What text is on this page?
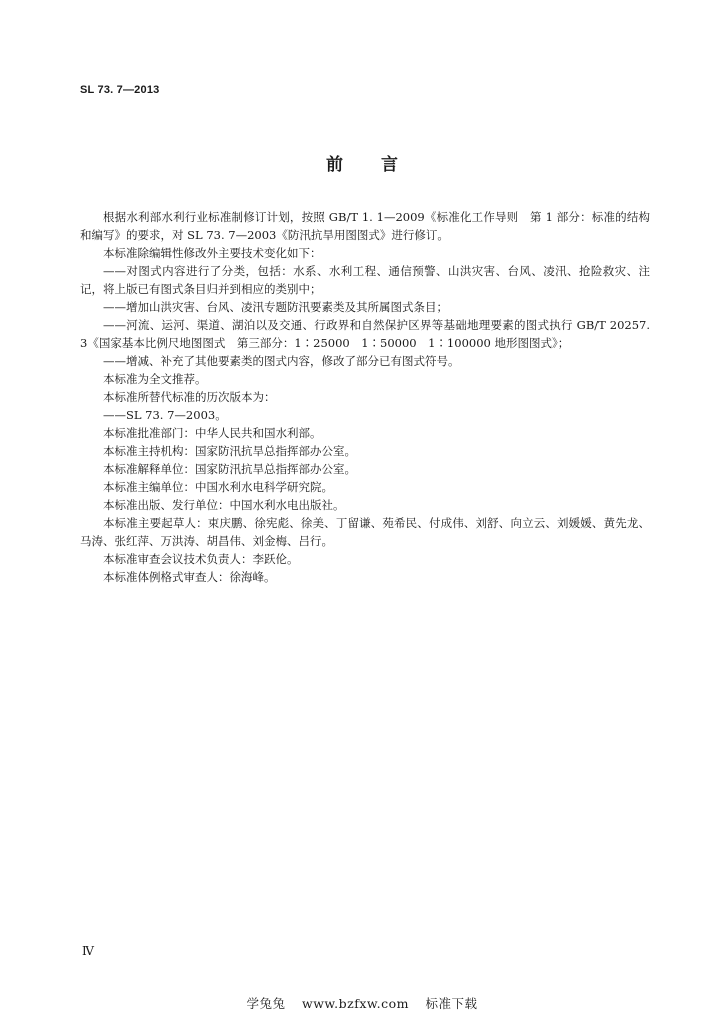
SL 73. 7—2013
前言

根据水利部水利行业标准制修订计划，按照 GB/T 1. 1—2009《标准化工作导则　第 1 部分：标准的结构和编写》的要求，对 SL 73. 7—2003《防汛抗旱用图图式》进行修订。

本标准除编辑性修改外主要技术变化如下：

——对图式内容进行了分类，包括：水系、水利工程、通信预警、山洪灾害、台风、凌汛、抢险救灾、注记，将上版已有图式条目归并到相应的类别中；

——增加山洪灾害、台风、凌汛专题防汛要素类及其所属图式条目；

——河流、运河、渠道、湖泊以及交通、行政界和自然保护区界等基础地理要素的图式执行 GB/T 20257. 3《国家基本比例尺地图图式　第三部分：1∶25000　1∶50000　1∶100000 地形图图式》；

——增减、补充了其他要素类的图式内容，修改了部分已有图式符号。

本标准为全文推荐。

本标准所替代标准的历次版本为：

——SL 73. 7—2003。

本标准批准部门：中华人民共和国水利部。

本标准主持机构：国家防汛抗旱总指挥部办公室。

本标准解释单位：国家防汛抗旱总指挥部办公室。

本标准主编单位：中国水利水电科学研究院。

本标准出版、发行单位：中国水利水电出版社。

本标准主要起草人：束庆鹏、徐宪彪、徐美、丁留谦、苑希民、付成伟、刘舒、向立云、刘媛媛、黄先龙、马涛、张红萍、万洪涛、胡昌伟、刘金梅、吕行。

本标准审查会议技术负责人：李跃伦。

本标准体例格式审查人：徐海峰。

Ⅳ
学兔兔 www.bzfxw.com 标准下载
